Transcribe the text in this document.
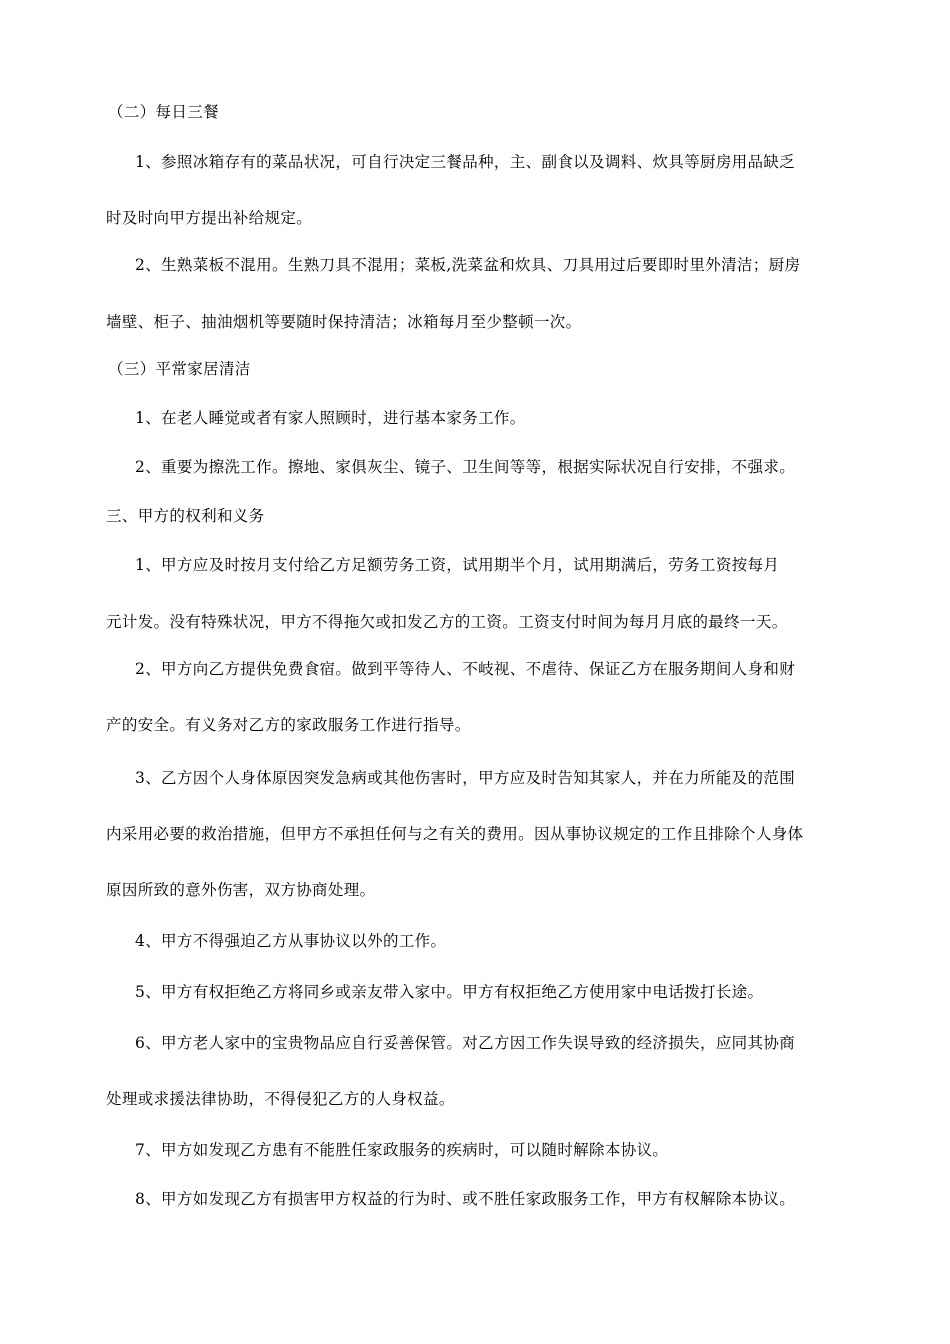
（二）每日三餐
1、参照冰箱存有的菜品状况，可自行决定三餐品种，主、副食以及调料、炊具等厨房用品缺乏
时及时向甲方提出补给规定。
2、生熟菜板不混用。生熟刀具不混用；菜板,洗菜盆和炊具、刀具用过后要即时里外清洁；厨房
墙壁、柜子、抽油烟机等要随时保持清洁；冰箱每月至少整顿一次。
（三）平常家居清洁
1、在老人睡觉或者有家人照顾时，进行基本家务工作。
2、重要为擦洗工作。擦地、家俱灰尘、镜子、卫生间等等，根据实际状况自行安排，不强求。
三、甲方的权利和义务
1、甲方应及时按月支付给乙方足额劳务工资，试用期半个月，试用期满后，劳务工资按每月
元计发。没有特殊状况，甲方不得拖欠或扣发乙方的工资。工资支付时间为每月月底的最终一天。
2、甲方向乙方提供免费食宿。做到平等待人、不岐视、不虐待、保证乙方在服务期间人身和财
产的安全。有义务对乙方的家政服务工作进行指导。
3、乙方因个人身体原因突发急病或其他伤害时，甲方应及时告知其家人，并在力所能及的范围
内采用必要的救治措施，但甲方不承担任何与之有关的费用。因从事协议规定的工作且排除个人身体
原因所致的意外伤害，双方协商处理。
4、甲方不得强迫乙方从事协议以外的工作。
5、甲方有权拒绝乙方将同乡或亲友带入家中。甲方有权拒绝乙方使用家中电话拨打长途。
6、甲方老人家中的宝贵物品应自行妥善保管。对乙方因工作失误导致的经济损失，应同其协商
处理或求援法律协助，不得侵犯乙方的人身权益。
7、甲方如发现乙方患有不能胜任家政服务的疾病时，可以随时解除本协议。
8、甲方如发现乙方有损害甲方权益的行为时、或不胜任家政服务工作，甲方有权解除本协议。
